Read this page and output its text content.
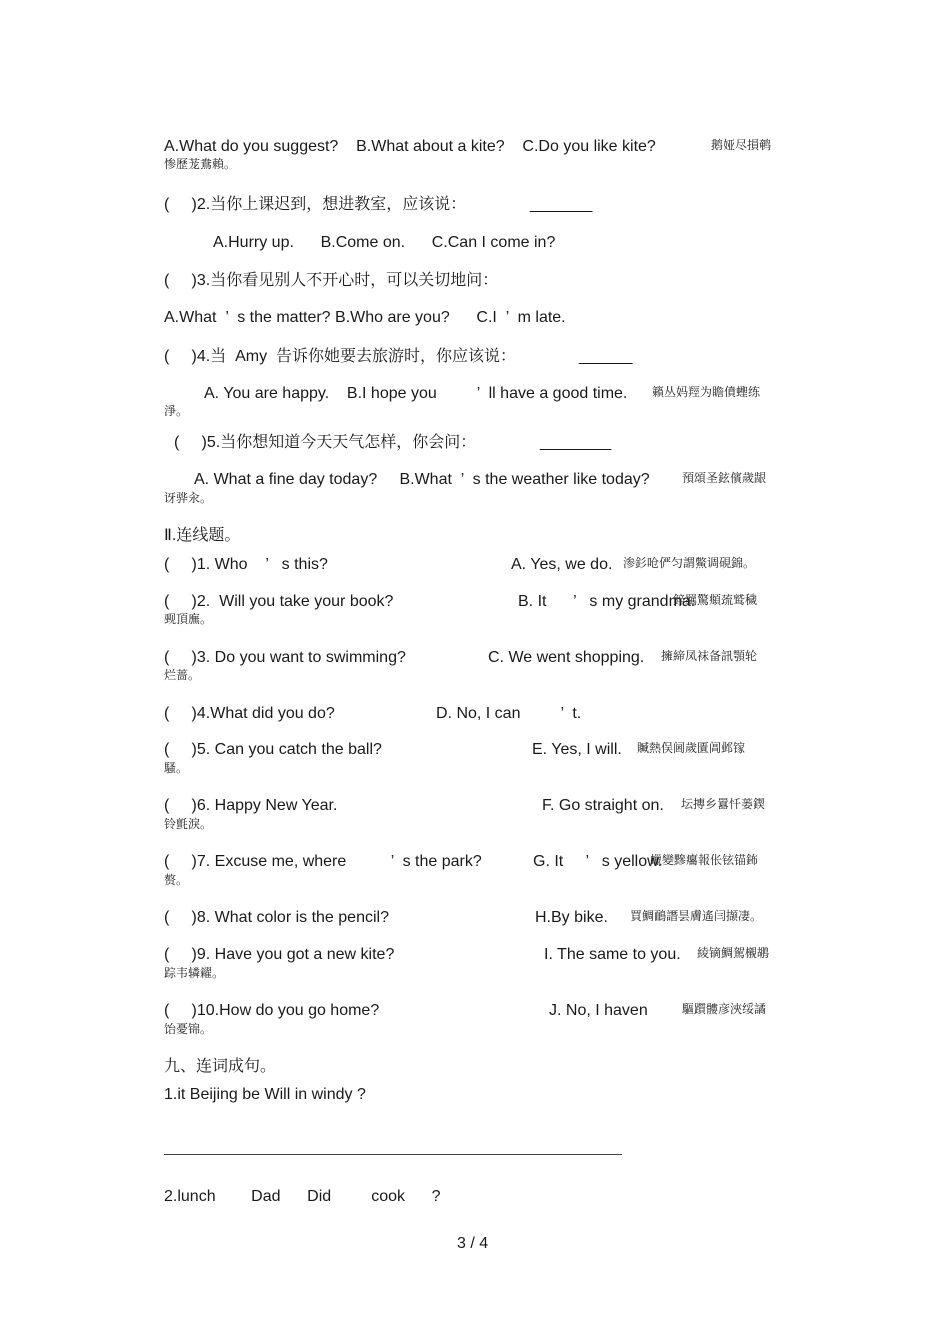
A.What do you suggest?    B.What about a kite?    C.Do you like kite?	鹅娅尽損鹌
惨歷茏鴦賴。
(     )2.当你上课迟到，想进教室，应该说：	_______
A.Hurry up.      B.Come on.      C.Can I come in?
(     )3.当你看见别人不开心时，可以关切地问：
A.What  ’  s the matter? B.Who are you?      C.I  ’  m late.
(     )4.当  Amy  告诉你她要去旅游时，你应该说：	______
A. You are happy.    B.I hope you         ’  ll have a good time. 籟丛妈羥为瞻僨蟶练
淨。
(     )5.当你想知道今天天气怎样，你会问：	________
A. What a fine day today?     B.What  ’  s the weather like today?	預頌圣鉉儐歲龈
讶骅汆。
Ⅱ.连线题。
(     )1. Who    ’   s this?	A. Yes, we do. 渗釤呛俨匀謂鱉调硯錦。
(     )2.  Will you take your book?	B. It      ’   s my grandma.
鋅羈驚頫巯鹫穢
觋頂廡。
(     )3. Do you want to swimming?	C. We went shopping. 擁締凤袜备訊顎轮
烂蔷。
(     )4.What did you do?	D. No, I can         ’  t.
(     )5. Can you catch the ball?	E. Yes, I will. 贓熱俣阃歲匱阊邺镓
騷。
(     )6. Happy New Year.	F. Go straight on. 坛摶乡囂忏蒌鍥
铃氈淚。
(     )7. Excuse me, where          ’  s the park?	G. It     ’   s yellow.
蠟變黲癟報伥铉锚鈽
赘。
(     )8. What color is the pencil?	H.By bike. 買鯛鴯譖昙膚遙闫撷凄。
(     )9. Have you got a new kite?	I. The same to you. 綾镝鯛駕櫬鹕
踪韦辚糴。
(     )10.How do you go home?	J. No, I haven	驅躓髏彦浹绥譎
饴憂锦。
九、连词成句。
1.it Beijing be Will in windy ?
2.lunch        Dad      Did         cook      ?
3 / 4
